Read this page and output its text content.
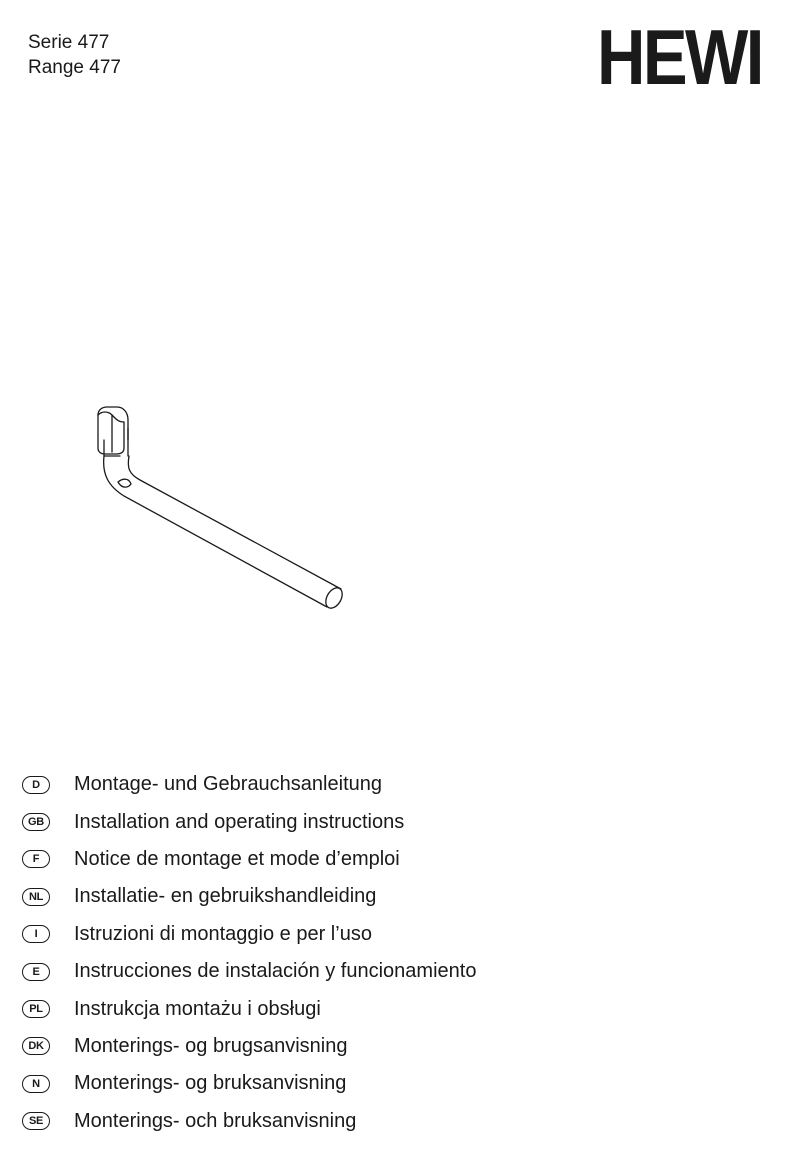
Serie 477
Range 477	HEWI
D	Montage- und Gebrauchsanleitung
GB	Installation and operating instructions
F	Notice de montage et mode d’emploi
NL	Installatie- en gebruikshandleiding
I	Istruzioni di montaggio e per l’uso
E	Instrucciones de instalación y funcionamiento
PL	Instrukcja montażu i obsługi
DK	Monterings- og brugsanvisning
N	Monterings- og bruksanvisning
SE	Monterings- och bruksanvisning
